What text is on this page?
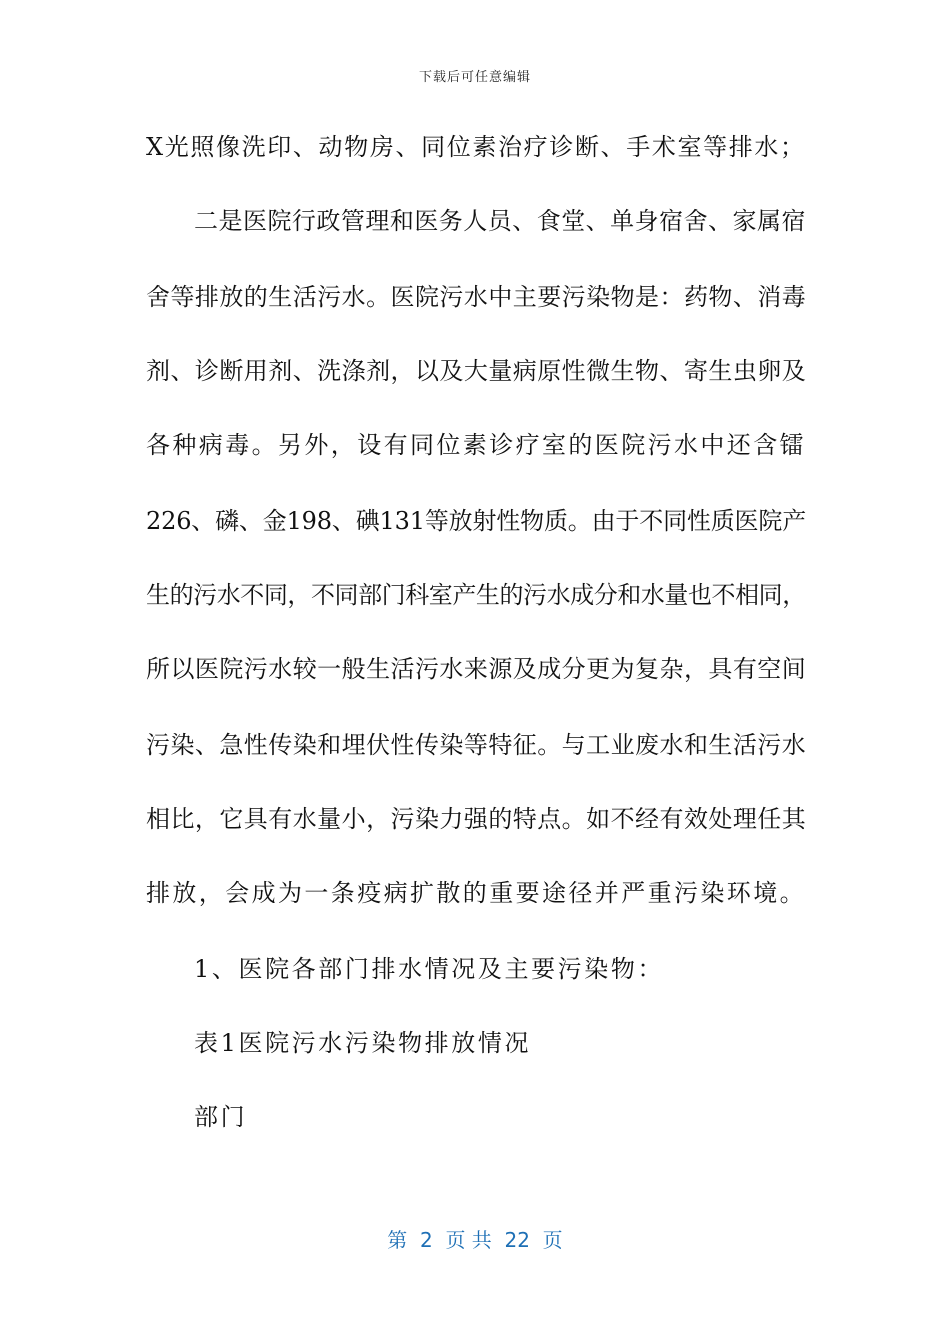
下载后可任意编辑
X光照像洗印、动物房、同位素治疗诊断、手术室等排水；
二是医院行政管理和医务人员、食堂、单身宿舍、家属宿
舍等排放的生活污水。医院污水中主要污染物是：药物、消毒
剂、诊断用剂、洗涤剂，以及大量病原性微生物、寄生虫卵及
各种病毒。另外，设有同位素诊疗室的医院污水中还含镭
226、磷、金198、碘131等放射性物质。由于不同性质医院产
生的污水不同，不同部门科室产生的污水成分和水量也不相同，
所以医院污水较一般生活污水来源及成分更为复杂，具有空间
污染、急性传染和埋伏性传染等特征。与工业废水和生活污水
相比，它具有水量小，污染力强的特点。如不经有效处理任其
排放，会成为一条疫病扩散的重要途径并严重污染环境。
1、医院各部门排水情况及主要污染物：
表1医院污水污染物排放情况
部门
第  2  页 共  22  页
